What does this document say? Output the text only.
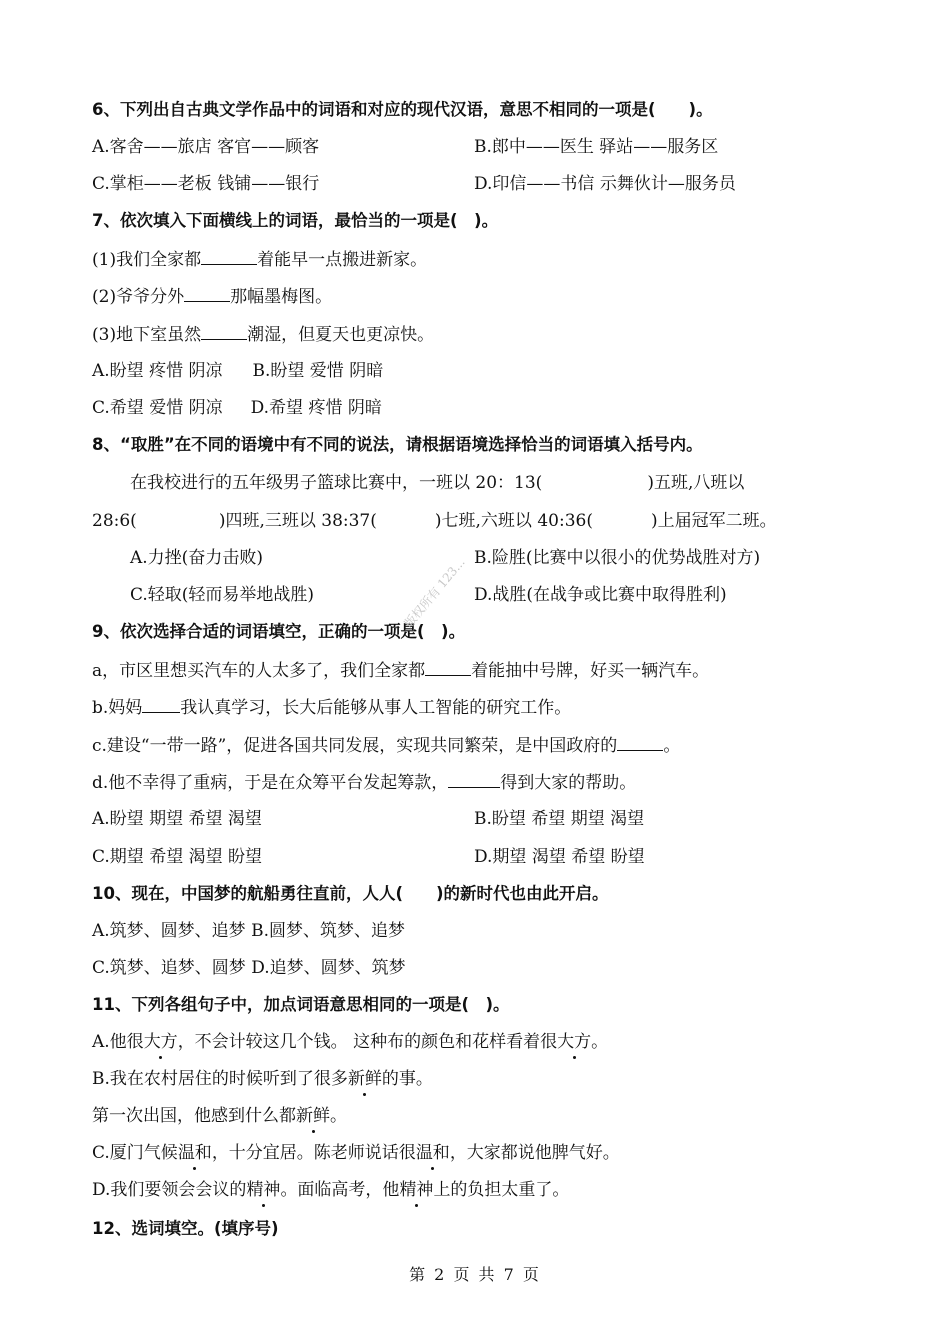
6、下列出自古典文学作品中的词语和对应的现代汉语，意思不相同的一项是(　　)。
A.客舍——旅店 客官——顾客	B.郎中——医生 驿站——服务区
C.掌柜——老板 钱铺——银行	D.印信——书信 示舞伙计—服务员
7、依次填入下面横线上的词语，最恰当的一项是(　)。
(1)我们全家都	着能早一点搬进新家。
(2)爷爷分外	那幅墨梅图。
(3)地下室虽然	潮湿，但夏天也更凉快。
A.盼望 疼惜 阴凉 B.盼望 爱惜 阴暗
C.希望 爱惜 阴凉 D.希望 疼惜 阴暗
8、“取胜”在不同的语境中有不同的说法，请根据语境选择恰当的词语填入括号内。
在我校进行的五年级男子篮球比赛中，一班以 20：13(	)五班,八班以
28:6(	)四班,三班以 38:37(	)七班,六班以 40:36(	)上届冠军二班。
A.力挫(奋力击败)	B.险胜(比赛中以很小的优势战胜对方)
C.轻取(轻而易举地战胜)	D.战胜(在战争或比赛中取得胜利)
9、依次选择合适的词语填空，正确的一项是(　)。
a，市区里想买汽车的人太多了，我们全家都	着能抽中号牌，好买一辆汽车。
b.妈妈 我认真学习，长大后能够从事人工智能的研究工作。
c.建设“一带一路”，促进各国共同发展，实现共同繁荣，是中国政府的	。
d.他不幸得了重病，于是在众筹平台发起筹款，	得到大家的帮助。
A.盼望 期望 希望 渴望	B.盼望 希望 期望 渴望
C.期望 希望 渴望 盼望	D.期望 渴望 希望 盼望
10、现在，中国梦的航船勇往直前，人人(　　)的新时代也由此开启。
A.筑梦、圆梦、追梦 B.圆梦、筑梦、追梦
C.筑梦、追梦、圆梦 D.追梦、圆梦、筑梦
11、下列各组句子中，加点词语意思相同的一项是(　)。
A.他很大方，不会计较这几个钱。 这种布的颜色和花样看着很大方。
B.我在农村居住的时候听到了很多新鲜的事。
第一次出国，他感到什么都新鲜。
C.厦门气候温和，十分宜居。陈老师说话很温和，大家都说他脾气好。
D.我们要领会会议的精神。面临高考，他精神上的负担太重了。
12、选词填空。(填序号)
第 2 页 共 7 页
版权所有 123...
